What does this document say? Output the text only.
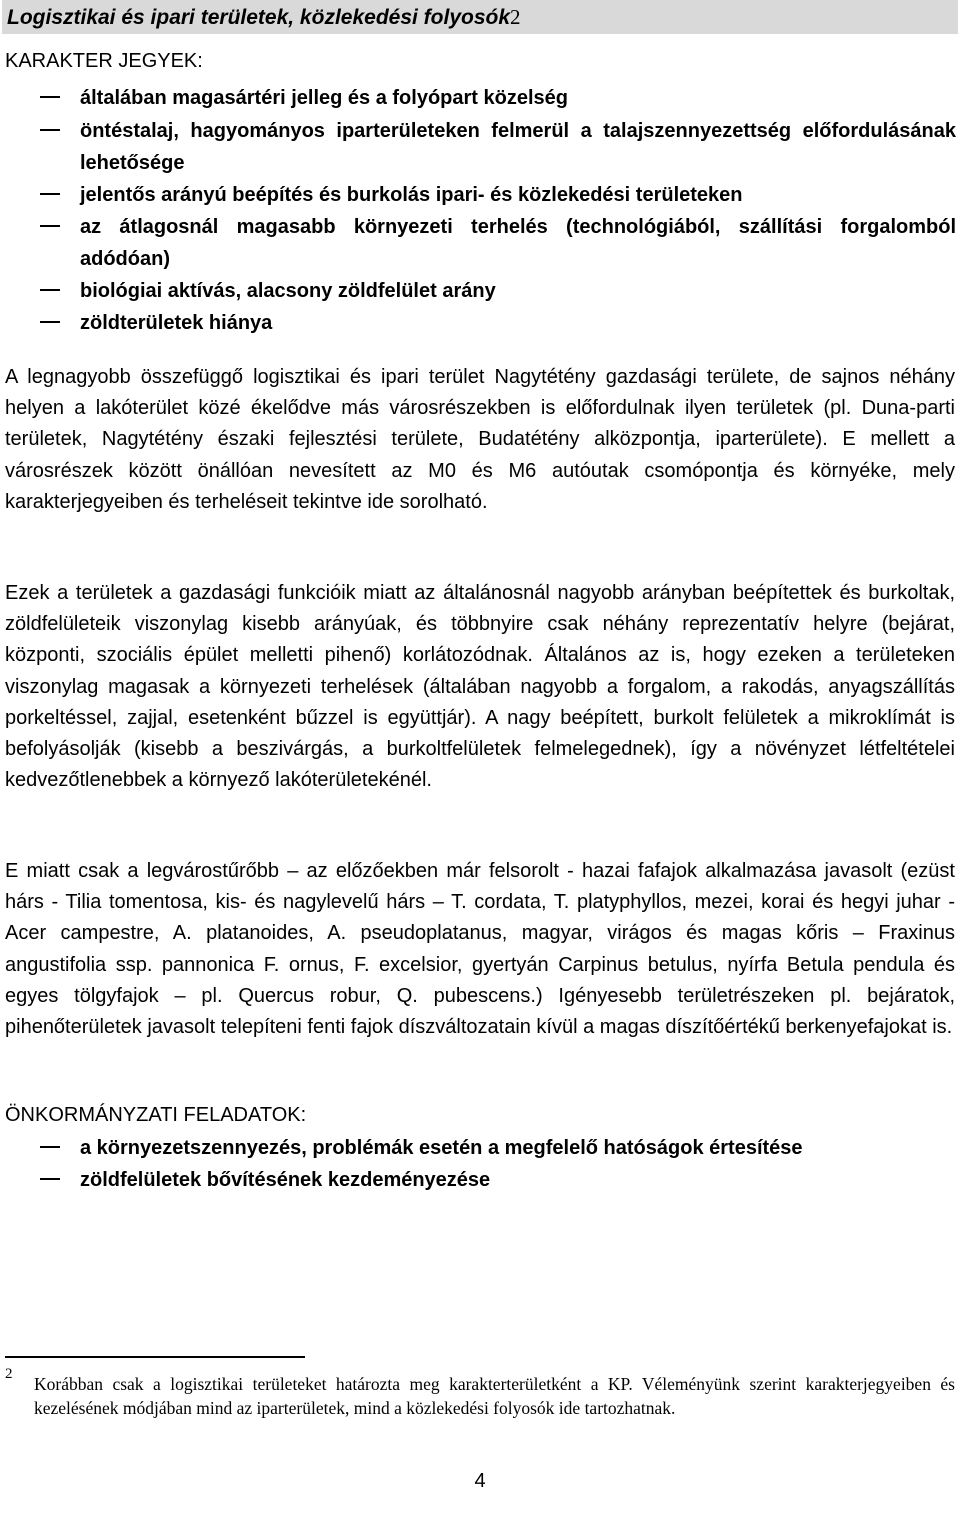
Logisztikai és ipari területek, közlekedési folyosók2
KARAKTER JEGYEK:
általában magasártéri jelleg és a folyópart közelség
öntéstalaj, hagyományos iparterületeken felmerül a talajszennyezettség előfordulásának lehetősége
jelentős arányú beépítés és burkolás ipari- és közlekedési területeken
az átlagosnál magasabb környezeti terhelés (technológiából, szállítási forgalomból adódóan)
biológiai aktívás, alacsony zöldfelület arány
zöldterületek hiánya
A legnagyobb összefüggő logisztikai és ipari terület Nagytétény gazdasági területe, de sajnos néhány helyen a lakóterület közé ékelődve más városrészekben is előfordulnak ilyen területek (pl. Duna-parti területek, Nagytétény északi fejlesztési területe, Budatétény alközpontja, iparterülete). E mellett a városrészek között önállóan nevesített az M0 és M6 autóutak csomópontja és környéke, mely karakterjegyeiben és terheléseit tekintve ide sorolható.
Ezek a területek a gazdasági funkcióik miatt az általánosnál nagyobb arányban beépítettek és burkoltak, zöldfelületeik viszonylag kisebb arányúak, és többnyire csak néhány reprezentatív helyre (bejárat, központi, szociális épület melletti pihenő) korlátozódnak. Általános az is, hogy ezeken a területeken viszonylag magasak a környezeti terhelések (általában nagyobb a forgalom, a rakodás, anyagszállítás porkeltéssel, zajjal, esetenként bűzzel is együttjár). A nagy beépített, burkolt felületek a mikroklímát is befolyásolják (kisebb a beszivárgás, a burkoltfelületek felmelegednek), így a növényzet létfeltételei kedvezőtlenebbek a környező lakóterületekénél.
E miatt csak a legvárostűrőbb – az előzőekben már felsorolt - hazai fafajok alkalmazása javasolt (ezüst hárs - Tilia tomentosa, kis- és nagylevelű hárs – T. cordata, T. platyphyllos, mezei, korai és hegyi juhar - Acer campestre, A. platanoides, A. pseudoplatanus, magyar, virágos és magas kőris – Fraxinus angustifolia ssp. pannonica F. ornus, F. excelsior, gyertyán Carpinus betulus, nyírfa Betula pendula és egyes tölgyfajok – pl. Quercus robur, Q. pubescens.) Igényesebb területrészeken pl. bejáratok, pihenőterületek javasolt telepíteni fenti fajok díszváltozatain kívül a magas díszítőértékű berkenyefajokat is.
ÖNKORMÁNYZATI FELADATOK:
a környezetszennyezés, problémák esetén a megfelelő hatóságok értesítése
zöldfelületek bővítésének kezdeményezése
2 Korábban csak a logisztikai területeket határozta meg karakterterületként a KP. Véleményünk szerint karakterjegyeiben és kezelésének módjában mind az iparterületek, mind a közlekedési folyosók ide tartozhatnak.
4
